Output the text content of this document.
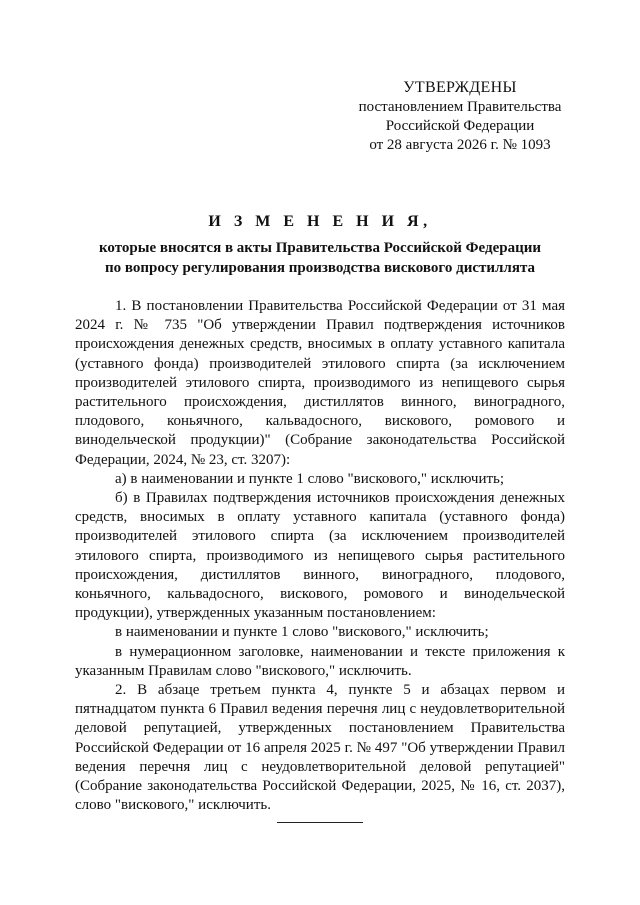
УТВЕРЖДЕНЫ
постановлением Правительства
Российской Федерации
от 28 августа 2026 г. № 1093
И З М Е Н Е Н И Я,
которые вносятся в акты Правительства Российской Федерации
по вопросу регулирования производства вискового дистиллята

1. В постановлении Правительства Российской Федерации от 31 мая 2024 г. № 735 "Об утверждении Правил подтверждения источников происхождения денежных средств, вносимых в оплату уставного капитала (уставного фонда) производителей этилового спирта (за исключением производителей этилового спирта, производимого из непищевого сырья растительного происхождения, дистиллятов винного, виноградного, плодового, коньячного, кальвадосного, вискового, ромового и винодельческой продукции)" (Собрание законодательства Российской Федерации, 2024, № 23, ст. 3207):

а) в наименовании и пункте 1 слово "вискового," исключить;

б) в Правилах подтверждения источников происхождения денежных средств, вносимых в оплату уставного капитала (уставного фонда) производителей этилового спирта (за исключением производителей этилового спирта, производимого из непищевого сырья растительного происхождения, дистиллятов винного, виноградного, плодового, коньячного, кальвадосного, вискового, ромового и винодельческой продукции), утвержденных указанным постановлением:

в наименовании и пункте 1 слово "вискового," исключить;

в нумерационном заголовке, наименовании и тексте приложения к указанным Правилам слово "вискового," исключить.

2. В абзаце третьем пункта 4, пункте 5 и абзацах первом и пятнадцатом пункта 6 Правил ведения перечня лиц с неудовлетворительной деловой репутацией, утвержденных постановлением Правительства Российской Федерации от 16 апреля 2025 г. № 497 "Об утверждении Правил ведения перечня лиц с неудовлетворительной деловой репутацией" (Собрание законодательства Российской Федерации, 2025, № 16, ст. 2037), слово "вискового," исключить.
